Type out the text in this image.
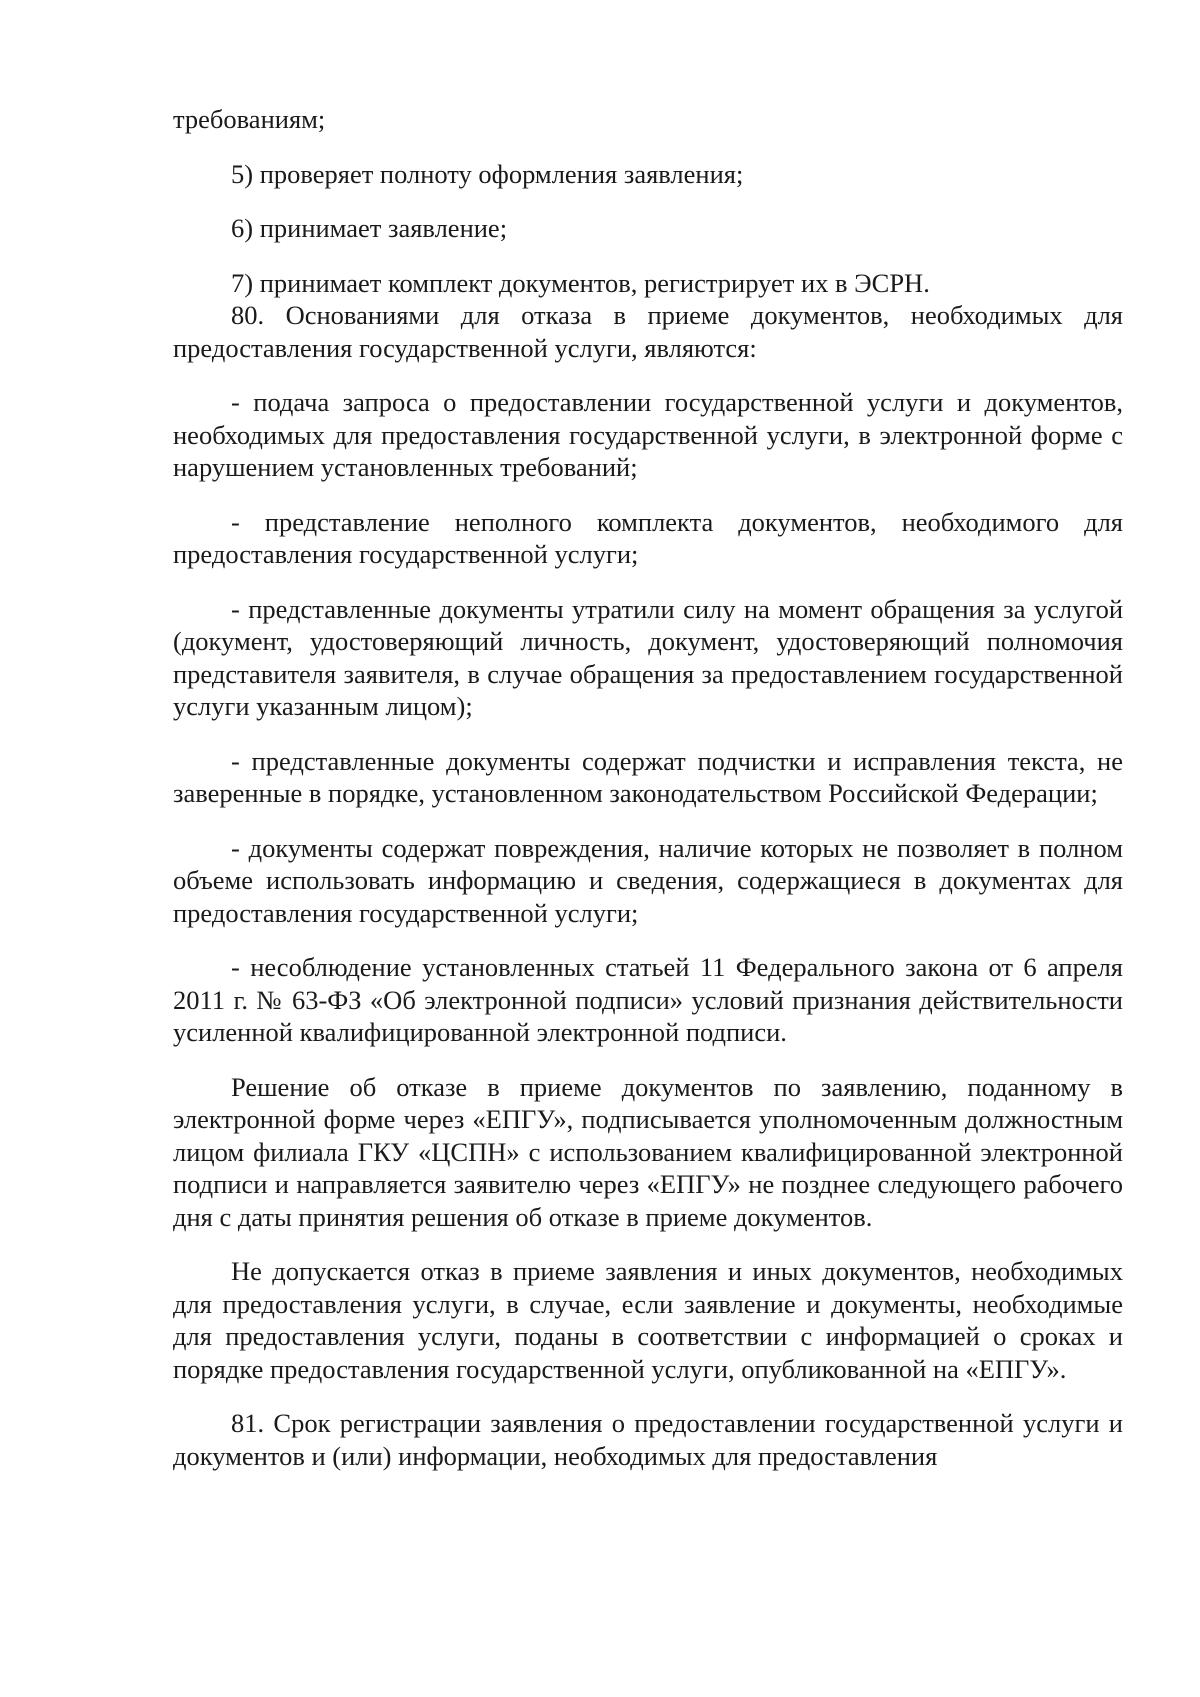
требованиям;

5) проверяет полноту оформления заявления;

6) принимает заявление;

7) принимает комплект документов, регистрирует их в ЭСРН.

80. Основаниями для отказа в приеме документов, необходимых для предоставления государственной услуги, являются:

- подача запроса о предоставлении государственной услуги и документов, необходимых для предоставления государственной услуги, в электронной форме с нарушением установленных требований;

- представление неполного комплекта документов, необходимого для предоставления государственной услуги;

- представленные документы утратили силу на момент обращения за услугой (документ, удостоверяющий личность, документ, удостоверяющий полномочия представителя заявителя, в случае обращения за предоставлением государственной услуги указанным лицом);

- представленные документы содержат подчистки и исправления текста, не заверенные в порядке, установленном законодательством Российской Федерации;

- документы содержат повреждения, наличие которых не позволяет в полном объеме использовать информацию и сведения, содержащиеся в документах для предоставления государственной услуги;

- несоблюдение установленных статьей 11 Федерального закона от 6 апреля 2011 г. № 63-ФЗ «Об электронной подписи» условий признания действительности усиленной квалифицированной электронной подписи.

Решение об отказе в приеме документов по заявлению, поданному в электронной форме через «ЕПГУ», подписывается уполномоченным должностным лицом филиала ГКУ «ЦСПН» с использованием квалифицированной электронной подписи и направляется заявителю через «ЕПГУ» не позднее следующего рабочего дня с даты принятия решения об отказе в приеме документов.

Не допускается отказ в приеме заявления и иных документов, необходимых для предоставления услуги, в случае, если заявление и документы, необходимые для предоставления услуги, поданы в соответствии с информацией о сроках и порядке предоставления государственной услуги, опубликованной на «ЕПГУ».

81. Срок регистрации заявления о предоставлении государственной услуги и документов и (или) информации, необходимых для предоставления
